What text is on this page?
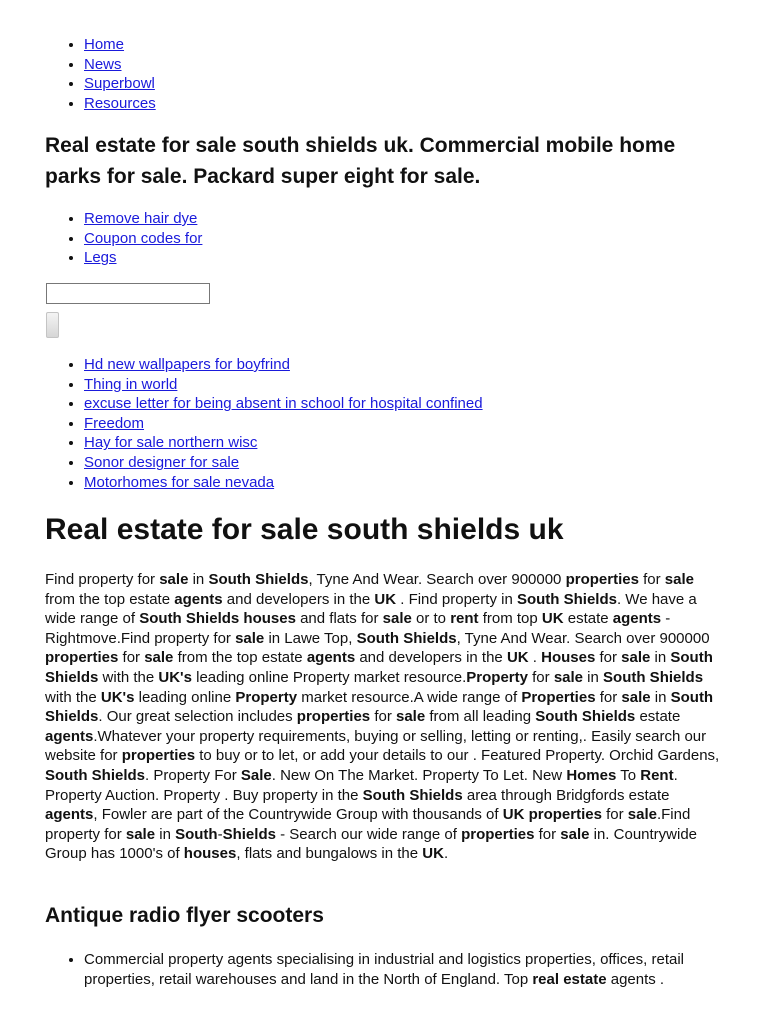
• Home
• News
• Superbowl
• Resources
Real estate for sale south shields uk. Commercial mobile home parks for sale. Packard super eight for sale.
• Remove hair dye
• Coupon codes for
• Legs
• Hd new wallpapers for boyfrind
• Thing in world
• excuse letter for being absent in school for hospital confined
• Freedom
• Hay for sale northern wisc
• Sonor designer for sale
• Motorhomes for sale nevada
Real estate for sale south shields uk

Find property for sale in South Shields, Tyne And Wear. Search over 900000 properties for sale from the top estate agents and developers in the UK . Find property in South Shields. We have a wide range of South Shields houses and flats for sale or to rent from top UK estate agents - Rightmove.Find property for sale in Lawe Top, South Shields, Tyne And Wear. Search over 900000 properties for sale from the top estate agents and developers in the UK . Houses for sale in South Shields with the UK's leading online Property market resource.Property for sale in South Shields with the UK's leading online Property market resource.A wide range of Properties for sale in South Shields. Our great selection includes properties for sale from all leading South Shields estate agents.Whatever your property requirements, buying or selling, letting or renting,. Easily search our website for properties to buy or to let, or add your details to our . Featured Property. Orchid Gardens, South Shields. Property For Sale. New On The Market. Property To Let. New Homes To Rent. Property Auction. Property . Buy property in the South Shields area through Bridgfords estate agents, Fowler are part of the Countrywide Group with thousands of UK properties for sale.Find property for sale in South-Shields - Search our wide range of properties for sale in. Countrywide Group has 1000's of houses, flats and bungalows in the UK.

Antique radio flyer scooters
• Commercial property agents specialising in industrial and logistics properties, offices, retail properties, retail warehouses and land in the North of England. Top real estate agents .
